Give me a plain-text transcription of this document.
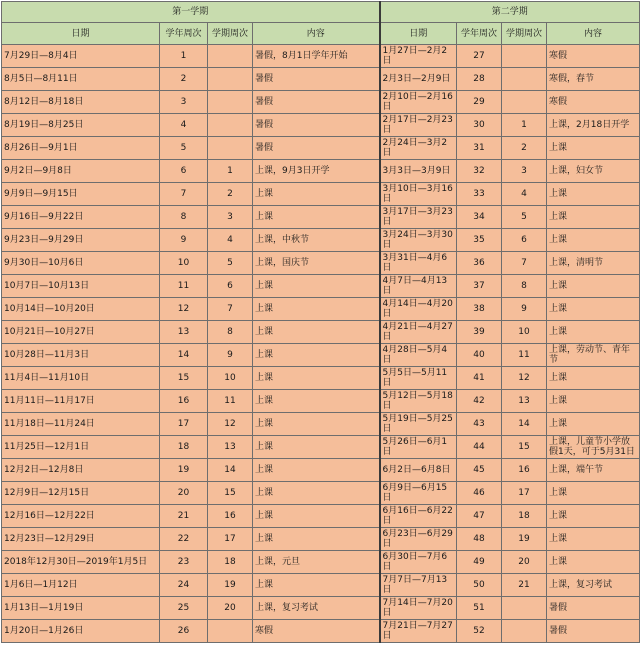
第一学期				第二学期			
日期	学年周次	学期周次	内容	日期	学年周次	学期周次	内容
7月29日—8月4日	1		暑假，8月1日学年开始	1月27日—2月2日	27		寒假
8月5日—8月11日	2		暑假	2月3日—2月9日	28		寒假，春节
8月12日—8月18日	3		暑假	2月10日—2月16日	29		寒假
8月19日—8月25日	4		暑假	2月17日—2月23日	30	1	上课，2月18日开学
8月26日—9月1日	5		暑假	2月24日—3月2日	31	2	上课
9月2日—9月8日	6	1	上课，9月3日开学	3月3日—3月9日	32	3	上课，妇女节
9月9日—9月15日	7	2	上课	3月10日—3月16日	33	4	上课
9月16日—9月22日	8	3	上课	3月17日—3月23日	34	5	上课
9月23日—9月29日	9	4	上课，中秋节	3月24日—3月30日	35	6	上课
9月30日—10月6日	10	5	上课，国庆节	3月31日—4月6日	36	7	上课，清明节
10月7日—10月13日	11	6	上课	4月7日—4月13日	37	8	上课
10月14日—10月20日	12	7	上课	4月14日—4月20日	38	9	上课
10月21日—10月27日	13	8	上课	4月21日—4月27日	39	10	上课
10月28日—11月3日	14	9	上课	4月28日—5月4日	40	11	上课，劳动节、青年节
11月4日—11月10日	15	10	上课	5月5日—5月11日	41	12	上课
11月11日—11月17日	16	11	上课	5月12日—5月18日	42	13	上课
11月18日—11月24日	17	12	上课	5月19日—5月25日	43	14	上课
11月25日—12月1日	18	13	上课	5月26日—6月1日	44	15	上课，儿童节小学放假1天，可于5月31日
12月2日—12月8日	19	14	上课	6月2日—6月8日	45	16	上课，端午节
12月9日—12月15日	20	15	上课	6月9日—6月15日	46	17	上课
12月16日—12月22日	21	16	上课	6月16日—6月22日	47	18	上课
12月23日—12月29日	22	17	上课	6月23日—6月29日	48	19	上课
2018年12月30日—2019年1月5日	23	18	上课，元旦	6月30日—7月6日	49	20	上课
1月6日—1月12日	24	19	上课	7月7日—7月13日	50	21	上课，复习考试
1月13日—1月19日	25	20	上课，复习考试	7月14日—7月20日	51		暑假
1月20日—1月26日	26		寒假	7月21日—7月27日	52		暑假
